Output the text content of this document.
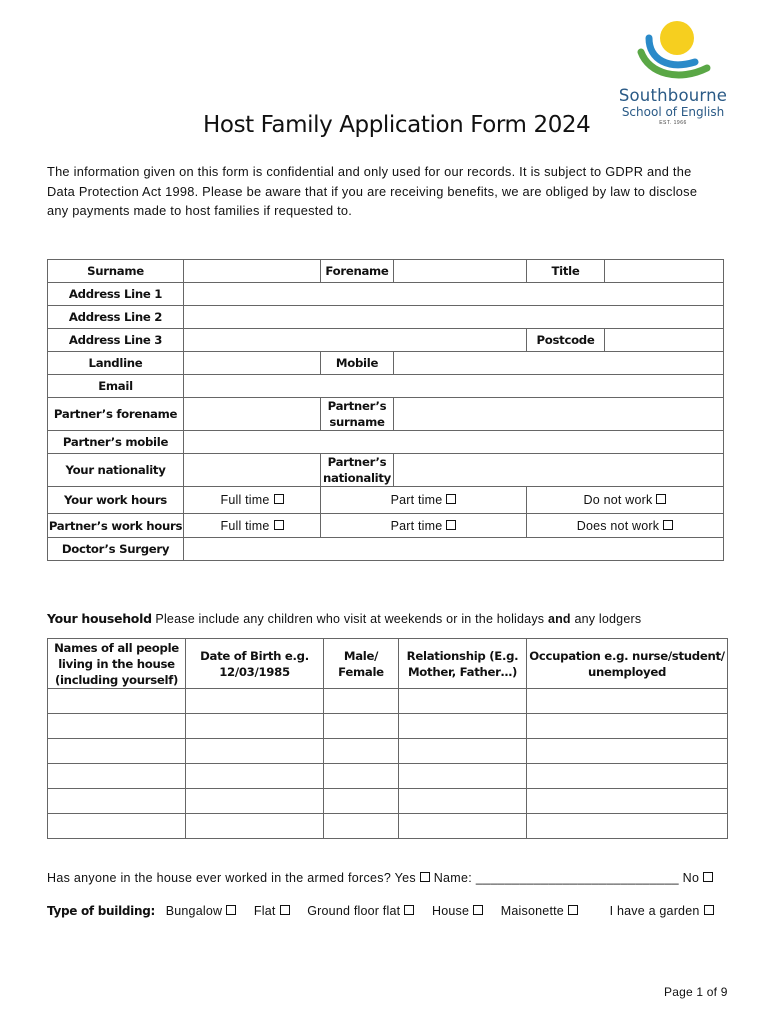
Southbourne
School of English
EST. 1966
Host Family Application Form 2024

The information given on this form is confidential and only used for our records. It is subject to GDPR and the Data Protection Act 1998. Please be aware that if you are receiving benefits, we are obliged by law to disclose any payments made to host families if requested to.

Surname		Forename		Title	
Address Line 1					
Address Line 2					
Address Line 3				Postcode	
Landline		Mobile			
Email					
Partner’s forename		Partner’s surname			
Partner’s mobile					
Your nationality		Partner’s nationality			
Your work hours	Full time	Part time		Do not work	
Partner’s work hours	Full time	Part time		Does not work	
Doctor’s Surgery					
Your household Please include any children who visit at weekends or in the holidays and any lodgers
Names of all people living in the house (including yourself)	Date of Birth e.g. 12/03/1985	Male/ Female	Relationship (E.g. Mother, Father…)	Occupation e.g. nurse/student/ unemployed

Has anyone in the house ever worked in the armed forces? Yes Name: ____________________________ No
Type of building: Bungalow	Flat	Ground floor flat	House	Maisonette	I have a garden
Page 1 of 9
